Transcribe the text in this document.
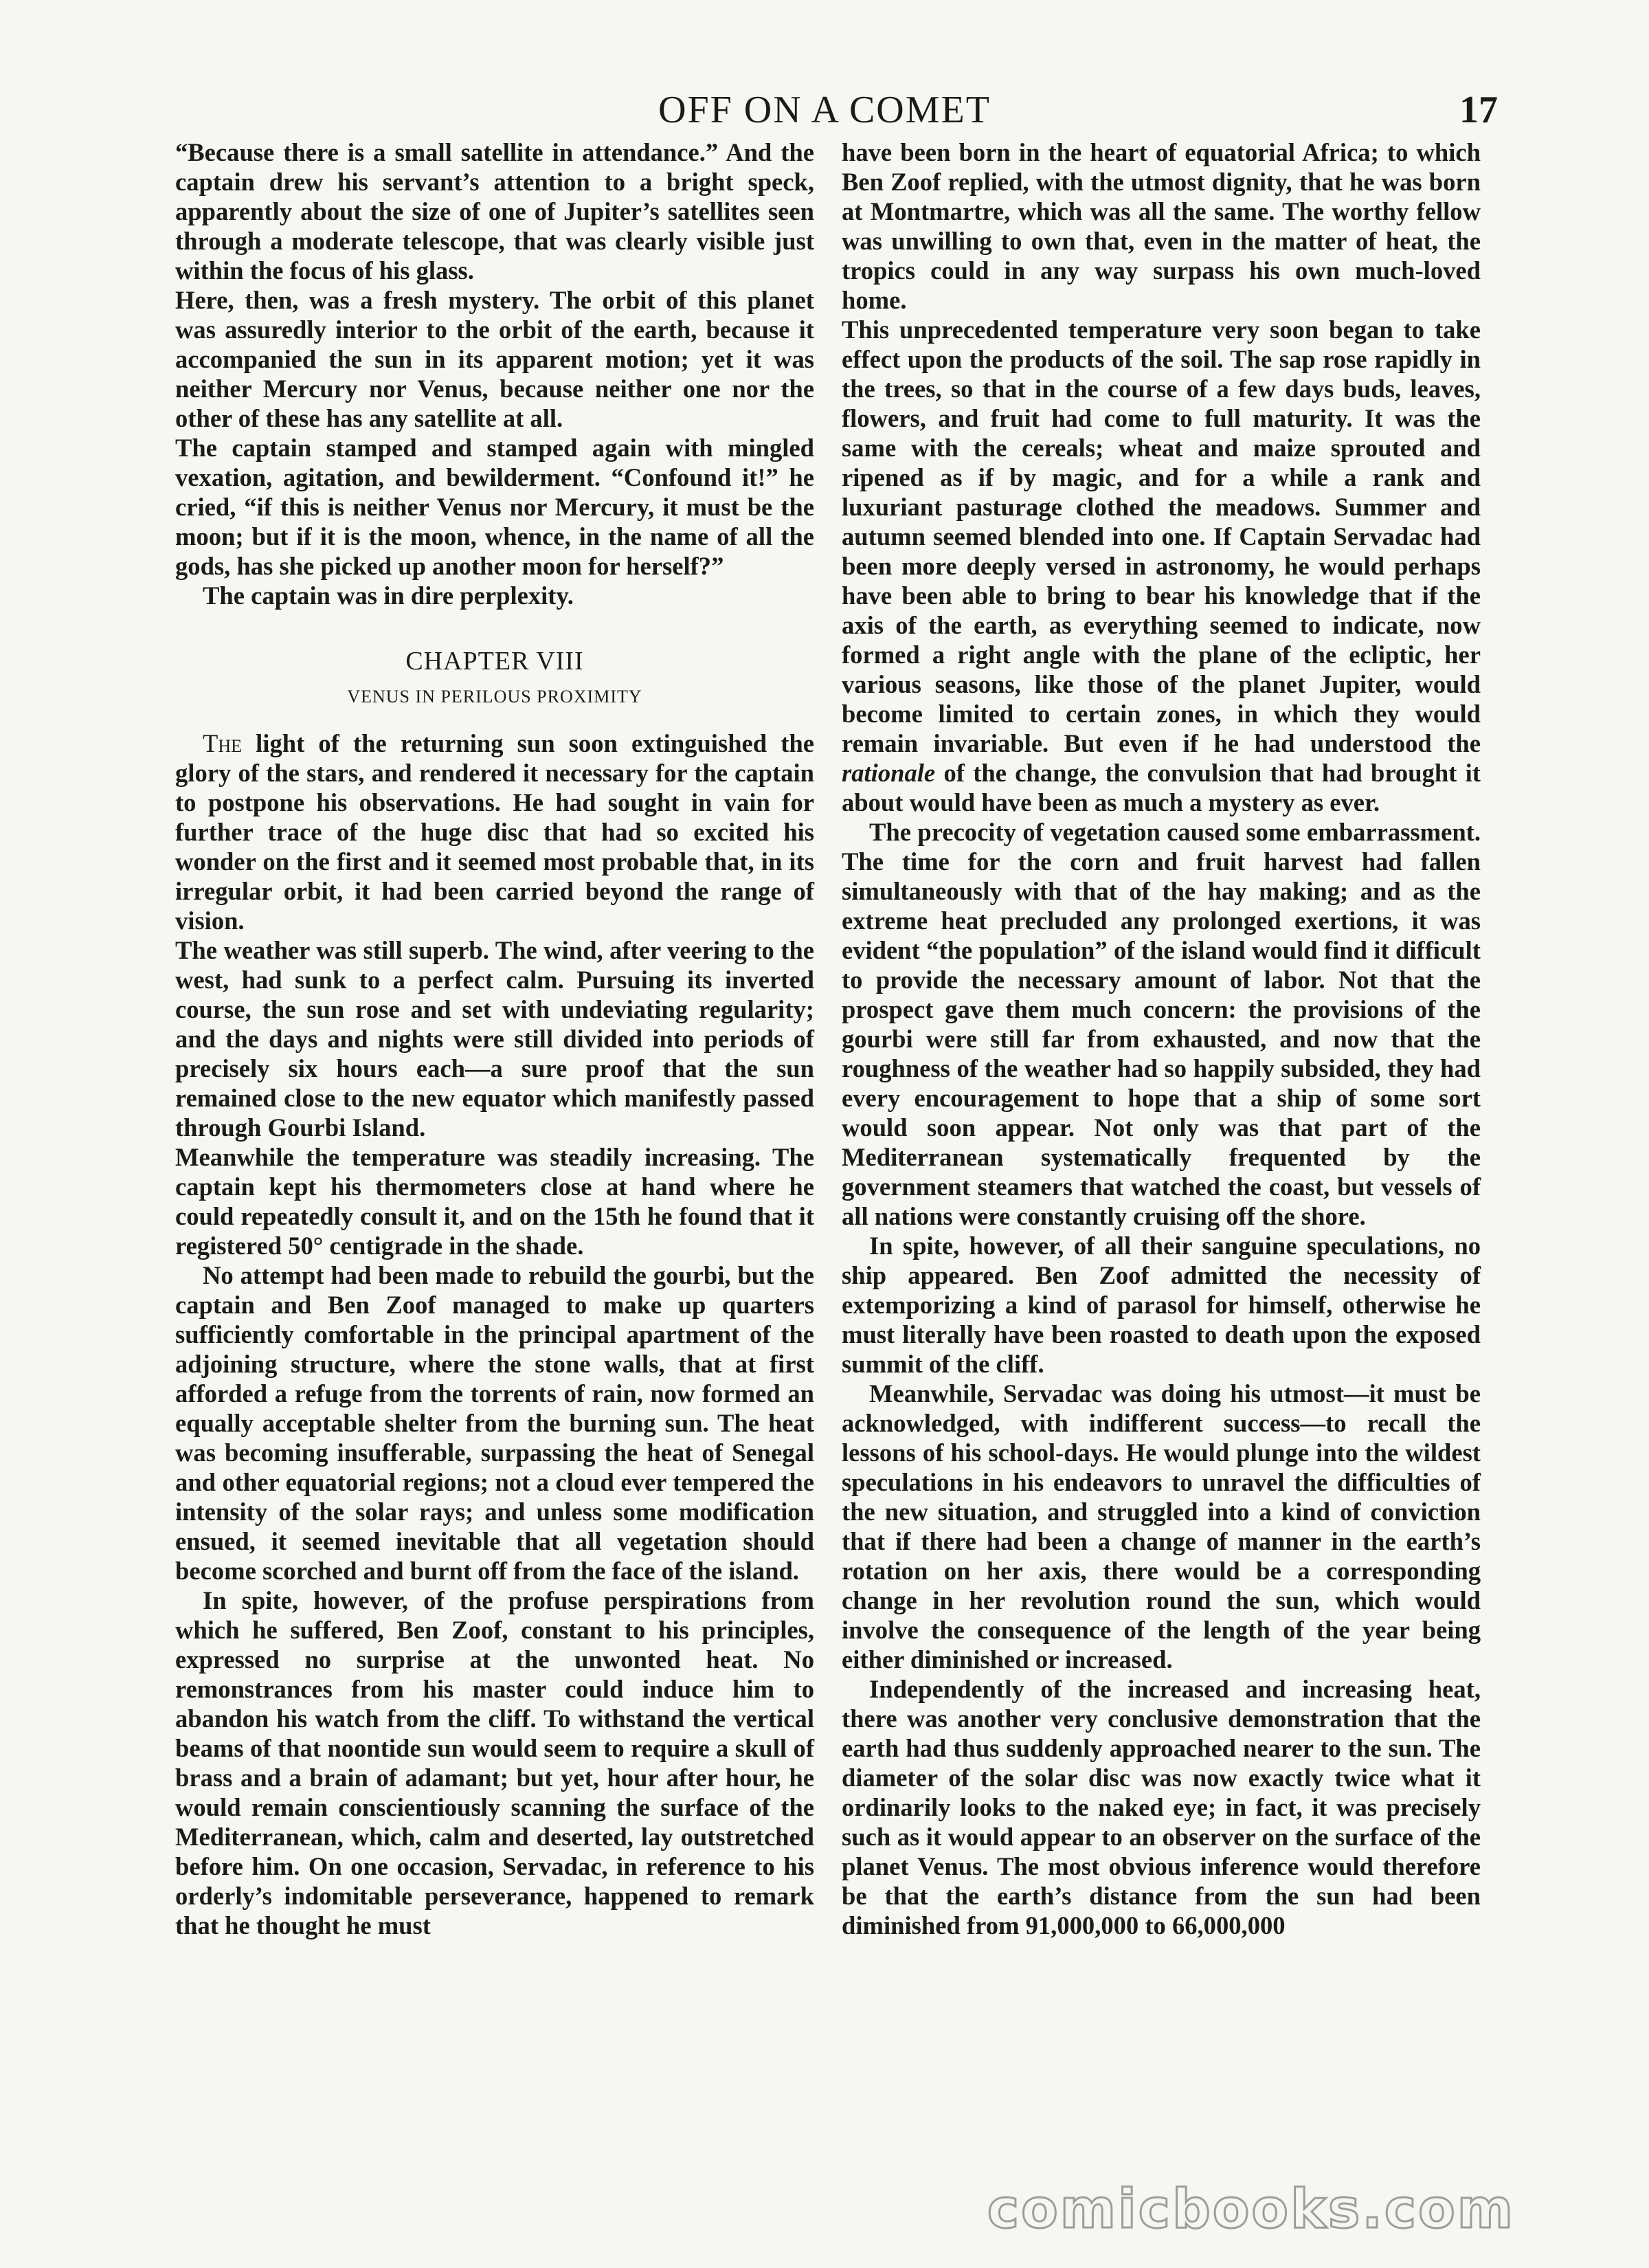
OFF ON A COMET	17

“Because there is a small satellite in attendance.” And the captain drew his servant’s attention to a bright speck, apparently about the size of one of Jupiter’s satellites seen through a moderate telescope, that was clearly visible just within the focus of his glass.

Here, then, was a fresh mystery. The orbit of this planet was assuredly interior to the orbit of the earth, because it accompanied the sun in its apparent motion; yet it was neither Mercury nor Venus, because neither one nor the other of these has any satellite at all.

The captain stamped and stamped again with mingled vexation, agitation, and bewilderment. “Confound it!” he cried, “if this is neither Venus nor Mercury, it must be the moon; but if it is the moon, whence, in the name of all the gods, has she picked up another moon for herself?”

The captain was in dire perplexity.

CHAPTER VIII
VENUS IN PERILOUS PROXIMITY

The light of the returning sun soon extinguished the glory of the stars, and rendered it necessary for the captain to postpone his observations. He had sought in vain for further trace of the huge disc that had so excited his wonder on the first and it seemed most probable that, in its irregular orbit, it had been carried beyond the range of vision.

The weather was still superb. The wind, after veering to the west, had sunk to a perfect calm. Pursuing its inverted course, the sun rose and set with undeviating regularity; and the days and nights were still divided into periods of precisely six hours each—a sure proof that the sun remained close to the new equator which manifestly passed through Gourbi Island.

Meanwhile the temperature was steadily increasing. The captain kept his thermometers close at hand where he could repeatedly consult it, and on the 15th he found that it registered 50° centigrade in the shade.

No attempt had been made to rebuild the gourbi, but the captain and Ben Zoof managed to make up quarters sufficiently comfortable in the principal apartment of the adjoining structure, where the stone walls, that at first afforded a refuge from the torrents of rain, now formed an equally acceptable shelter from the burning sun. The heat was becoming insufferable, surpassing the heat of Senegal and other equatorial regions; not a cloud ever tempered the intensity of the solar rays; and unless some modification ensued, it seemed inevitable that all vegetation should become scorched and burnt off from the face of the island.

In spite, however, of the profuse perspirations from which he suffered, Ben Zoof, constant to his principles, expressed no surprise at the unwonted heat. No remonstrances from his master could induce him to abandon his watch from the cliff. To withstand the vertical beams of that noontide sun would seem to require a skull of brass and a brain of adamant; but yet, hour after hour, he would remain conscientiously scanning the surface of the Mediterranean, which, calm and deserted, lay outstretched before him. On one occasion, Servadac, in reference to his orderly’s indomitable perseverance, happened to remark that he thought he must

have been born in the heart of equatorial Africa; to which Ben Zoof replied, with the utmost dignity, that he was born at Montmartre, which was all the same. The worthy fellow was unwilling to own that, even in the matter of heat, the tropics could in any way surpass his own much-loved home.

This unprecedented temperature very soon began to take effect upon the products of the soil. The sap rose rapidly in the trees, so that in the course of a few days buds, leaves, flowers, and fruit had come to full maturity. It was the same with the cereals; wheat and maize sprouted and ripened as if by magic, and for a while a rank and luxuriant pasturage clothed the meadows. Summer and autumn seemed blended into one. If Captain Servadac had been more deeply versed in astronomy, he would perhaps have been able to bring to bear his knowledge that if the axis of the earth, as everything seemed to indicate, now formed a right angle with the plane of the ecliptic, her various seasons, like those of the planet Jupiter, would become limited to certain zones, in which they would remain invariable. But even if he had understood the rationale of the change, the convulsion that had brought it about would have been as much a mystery as ever.

The precocity of vegetation caused some embarrassment. The time for the corn and fruit harvest had fallen simultaneously with that of the hay making; and as the extreme heat precluded any prolonged exertions, it was evident “the population” of the island would find it difficult to provide the necessary amount of labor. Not that the prospect gave them much concern: the provisions of the gourbi were still far from exhausted, and now that the roughness of the weather had so happily subsided, they had every encouragement to hope that a ship of some sort would soon appear. Not only was that part of the Mediterranean systematically frequented by the government steamers that watched the coast, but vessels of all nations were constantly cruising off the shore.

In spite, however, of all their sanguine speculations, no ship appeared. Ben Zoof admitted the necessity of extemporizing a kind of parasol for himself, otherwise he must literally have been roasted to death upon the exposed summit of the cliff.

Meanwhile, Servadac was doing his utmost—it must be acknowledged, with indifferent success—to recall the lessons of his school-days. He would plunge into the wildest speculations in his endeavors to unravel the difficulties of the new situation, and struggled into a kind of conviction that if there had been a change of manner in the earth’s rotation on her axis, there would be a corresponding change in her revolution round the sun, which would involve the consequence of the length of the year being either diminished or increased.

Independently of the increased and increasing heat, there was another very conclusive demonstration that the earth had thus suddenly approached nearer to the sun. The diameter of the solar disc was now exactly twice what it ordinarily looks to the naked eye; in fact, it was precisely such as it would appear to an observer on the surface of the planet Venus. The most obvious inference would therefore be that the earth’s distance from the sun had been diminished from 91,000,000 to 66,000,000

comicbooks.com
